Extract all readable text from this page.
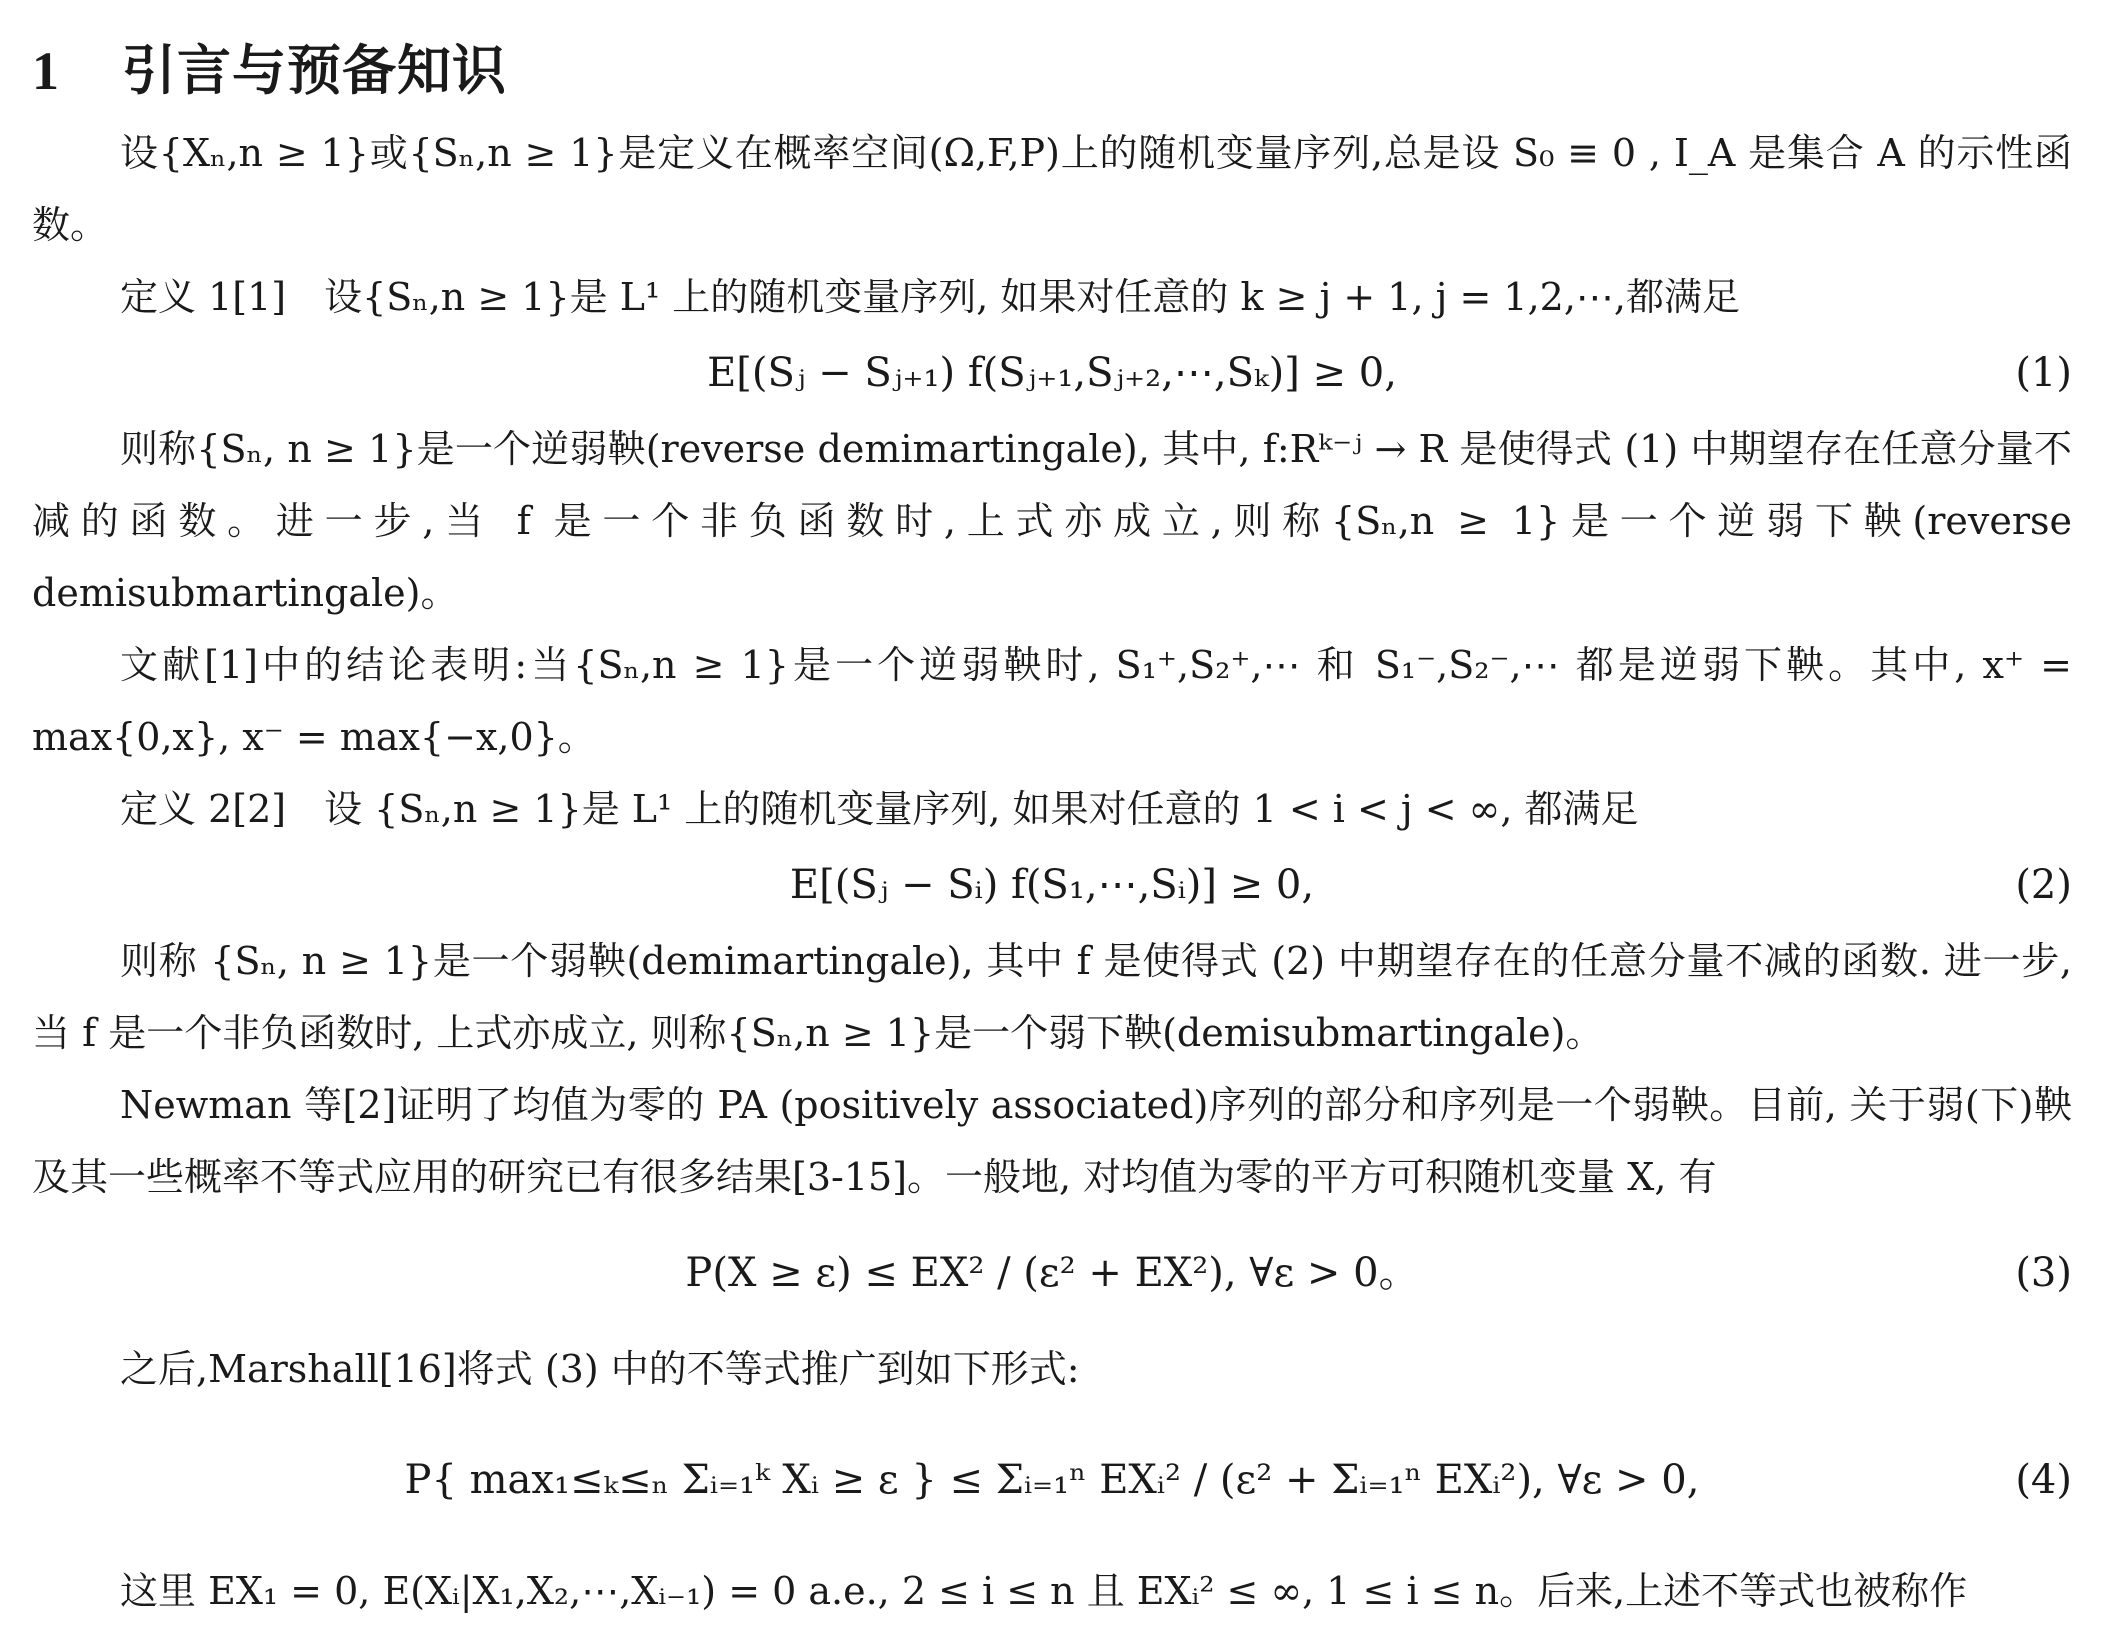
1 引言与预备知识

设{Xₙ,n ≥ 1}或{Sₙ,n ≥ 1}是定义在概率空间(Ω,F,P)上的随机变量序列,总是设 S₀ ≡ 0 , I_A 是集合 A 的示性函数。

定义 1[1]　设{Sₙ,n ≥ 1}是 L¹ 上的随机变量序列, 如果对任意的 k ≥ j + 1, j = 1,2,⋯,都满足

E[(Sⱼ − Sⱼ₊₁) f(Sⱼ₊₁,Sⱼ₊₂,⋯,Sₖ)] ≥ 0,	(1)

则称{Sₙ, n ≥ 1}是一个逆弱鞅(reverse demimartingale), 其中, f:Rᵏ⁻ʲ → R 是使得式 (1) 中期望存在任意分量不减的函数。进一步,当 f 是一个非负函数时,上式亦成立,则称{Sₙ,n ≥ 1}是一个逆弱下鞅(reverse demisubmartingale)。

文献[1]中的结论表明:当{Sₙ,n ≥ 1}是一个逆弱鞅时, S₁⁺,S₂⁺,⋯ 和 S₁⁻,S₂⁻,⋯ 都是逆弱下鞅。其中, x⁺ = max{0,x}, x⁻ = max{−x,0}。

定义 2[2]　设 {Sₙ,n ≥ 1}是 L¹ 上的随机变量序列, 如果对任意的 1 < i < j < ∞, 都满足

E[(Sⱼ − Sᵢ) f(S₁,⋯,Sᵢ)] ≥ 0,	(2)

则称 {Sₙ, n ≥ 1}是一个弱鞅(demimartingale), 其中 f 是使得式 (2) 中期望存在的任意分量不减的函数. 进一步,当 f 是一个非负函数时, 上式亦成立, 则称{Sₙ,n ≥ 1}是一个弱下鞅(demisubmartingale)。

Newman 等[2]证明了均值为零的 PA (positively associated)序列的部分和序列是一个弱鞅。目前, 关于弱(下)鞅及其一些概率不等式应用的研究已有很多结果[3-15]。一般地, 对均值为零的平方可积随机变量 X, 有

P(X ≥ ε) ≤ EX² / (ε² + EX²), ∀ε > 0。	(3)

之后,Marshall[16]将式 (3) 中的不等式推广到如下形式:

P{ max₁≤ₖ≤ₙ Σᵢ₌₁ᵏ Xᵢ ≥ ε } ≤ Σᵢ₌₁ⁿ EXᵢ² / (ε² + Σᵢ₌₁ⁿ EXᵢ²), ∀ε > 0,	(4)

这里 EX₁ = 0, E(Xᵢ|X₁,X₂,⋯,Xᵢ₋₁) = 0 a.e., 2 ≤ i ≤ n 且 EXᵢ² ≤ ∞, 1 ≤ i ≤ n。后来,上述不等式也被称作
